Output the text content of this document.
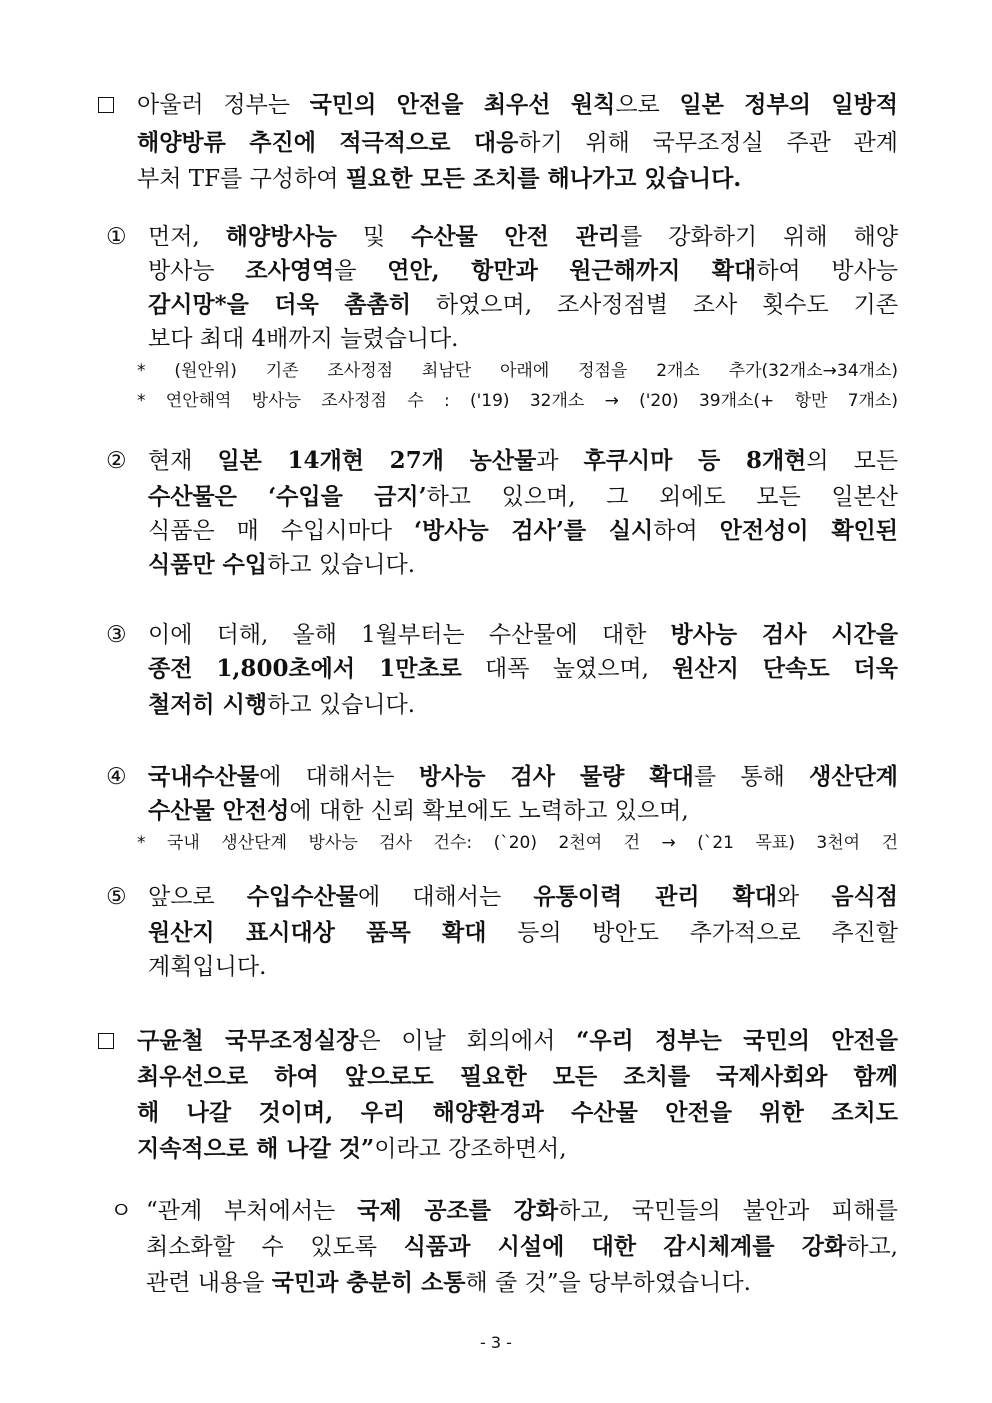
아울러 정부는 국민의 안전을 최우선 원칙으로 일본 정부의 일방적
해양방류 추진에 적극적으로 대응하기 위해 국무조정실 주관 관계
부처 TF를 구성하여 필요한 모든 조치를 해나가고 있습니다.
① 먼저, 해양방사능 및 수산물 안전 관리를 강화하기 위해 해양
방사능 조사영역을 연안, 항만과 원근해까지 확대하여 방사능
감시망*을 더욱 촘촘히 하였으며, 조사정점별 조사 횟수도 기존
보다 최대 4배까지 늘렸습니다.
* (원안위) 기존 조사정점 최남단 아래에 정점을 2개소 추가(32개소→34개소)
* 연안해역 방사능 조사정점 수 : ('19) 32개소 → ('20) 39개소(+ 항만 7개소)
② 현재 일본 14개현 27개 농산물과 후쿠시마 등 8개현의 모든
수산물은 ‘수입을 금지’하고 있으며, 그 외에도 모든 일본산
식품은 매 수입시마다 ‘방사능 검사’를 실시하여 안전성이 확인된
식품만 수입하고 있습니다.
③ 이에 더해, 올해 1월부터는 수산물에 대한 방사능 검사 시간을
종전 1,800초에서 1만초로 대폭 높였으며, 원산지 단속도 더욱
철저히 시행하고 있습니다.
④ 국내수산물에 대해서는 방사능 검사 물량 확대를 통해 생산단계
수산물 안전성에 대한 신뢰 확보에도 노력하고 있으며,
* 국내 생산단계 방사능 검사 건수: (`20) 2천여 건 → (`21 목표) 3천여 건
⑤ 앞으로 수입수산물에 대해서는 유통이력 관리 확대와 음식점
원산지 표시대상 품목 확대 등의 방안도 추가적으로 추진할
계획입니다.
구윤철 국무조정실장은 이날 회의에서 “우리 정부는 국민의 안전을
최우선으로 하여 앞으로도 필요한 모든 조치를 국제사회와 함께
해 나갈 것이며, 우리 해양환경과 수산물 안전을 위한 조치도
지속적으로 해 나갈 것”이라고 강조하면서,
ㅇ “관계 부처에서는 국제 공조를 강화하고, 국민들의 불안과 피해를
최소화할 수 있도록 식품과 시설에 대한 감시체계를 강화하고,
관련 내용을 국민과 충분히 소통해 줄 것”을 당부하였습니다.
- 3 -
